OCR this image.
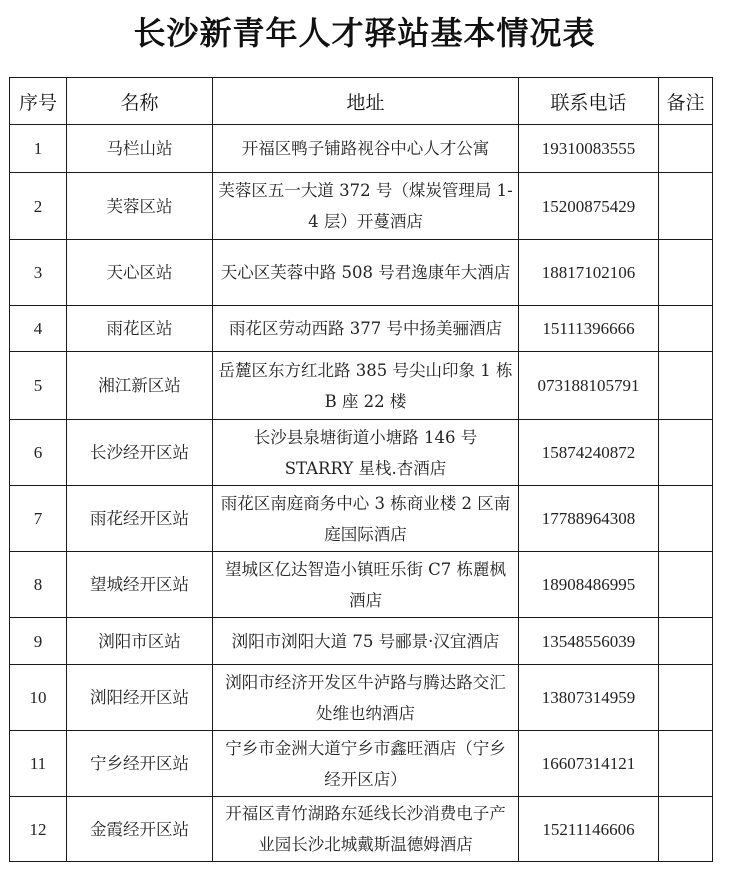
长沙新青年人才驿站基本情况表
序号	名称	地址	联系电话	备注
1	马栏山站	开福区鸭子铺路视谷中心人才公寓	19310083555	
2	芙蓉区站	芙蓉区五一大道 372 号（煤炭管理局 1-4 层）开蔓酒店	15200875429	
3	天心区站	天心区芙蓉中路 508 号君逸康年大酒店	18817102106	
4	雨花区站	雨花区劳动西路 377 号中扬美骊酒店	15111396666	
5	湘江新区站	岳麓区东方红北路 385 号尖山印象 1 栋 B 座 22 楼	073188105791	
6	长沙经开区站	长沙县泉塘街道小塘路 146 号 STARRY 星栈.杏酒店	15874240872	
7	雨花经开区站	雨花区南庭商务中心 3 栋商业楼 2 区南庭国际酒店	17788964308	
8	望城经开区站	望城区亿达智造小镇旺乐街 C7 栋麗枫酒店	18908486995	
9	浏阳市区站	浏阳市浏阳大道 75 号郦景·汉宜酒店	13548556039	
10	浏阳经开区站	浏阳市经济开发区牛泸路与腾达路交汇处维也纳酒店	13807314959	
11	宁乡经开区站	宁乡市金洲大道宁乡市鑫旺酒店（宁乡经开区店）	16607314121	
12	金霞经开区站	开福区青竹湖路东延线长沙消费电子产业园长沙北城戴斯温德姆酒店	15211146606	
